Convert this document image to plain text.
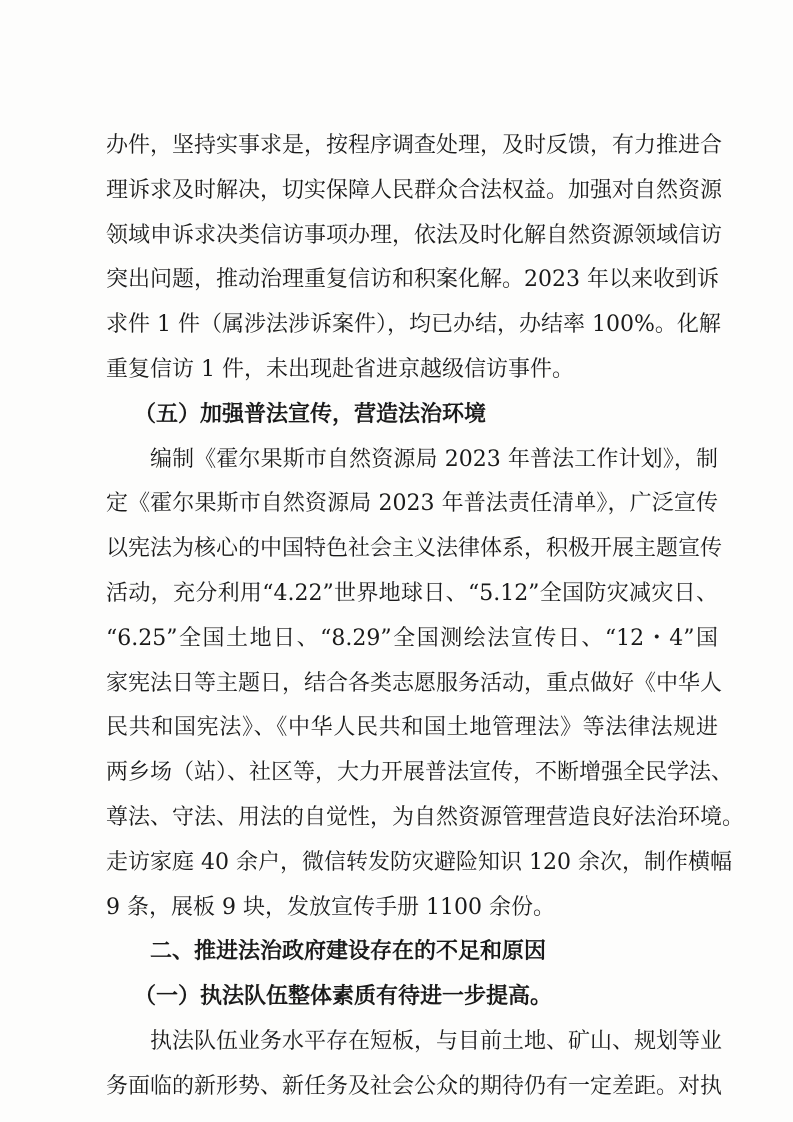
办件，坚持实事求是，按程序调查处理，及时反馈，有力推进合
理诉求及时解决，切实保障人民群众合法权益。加强对自然资源
领域申诉求决类信访事项办理，依法及时化解自然资源领域信访
突出问题，推动治理重复信访和积案化解。2023 年以来收到诉
求件 1 件（属涉法涉诉案件），均已办结，办结率 100%。化解
重复信访 1 件，未出现赴省进京越级信访事件。
（五）加强普法宣传，营造法治环境
编制《霍尔果斯市自然资源局 2023 年普法工作计划》，制
定《霍尔果斯市自然资源局 2023 年普法责任清单》，广泛宣传
以宪法为核心的中国特色社会主义法律体系，积极开展主题宣传
活动，充分利用“4.22”世界地球日、“5.12”全国防灾减灾日、
“6.25”全国土地日、“8.29”全国测绘法宣传日、“12・4”国
家宪法日等主题日，结合各类志愿服务活动，重点做好《中华人
民共和国宪法》、《中华人民共和国土地管理法》等法律法规进
两乡场（站）、社区等，大力开展普法宣传，不断增强全民学法、
尊法、守法、用法的自觉性，为自然资源管理营造良好法治环境。
走访家庭 40 余户，微信转发防灾避险知识 120 余次，制作横幅
9 条，展板 9 块，发放宣传手册 1100 余份。
二、推进法治政府建设存在的不足和原因
（一）执法队伍整体素质有待进一步提高。
执法队伍业务水平存在短板，与目前土地、矿山、规划等业
务面临的新形势、新任务及社会公众的期待仍有一定差距。对执
